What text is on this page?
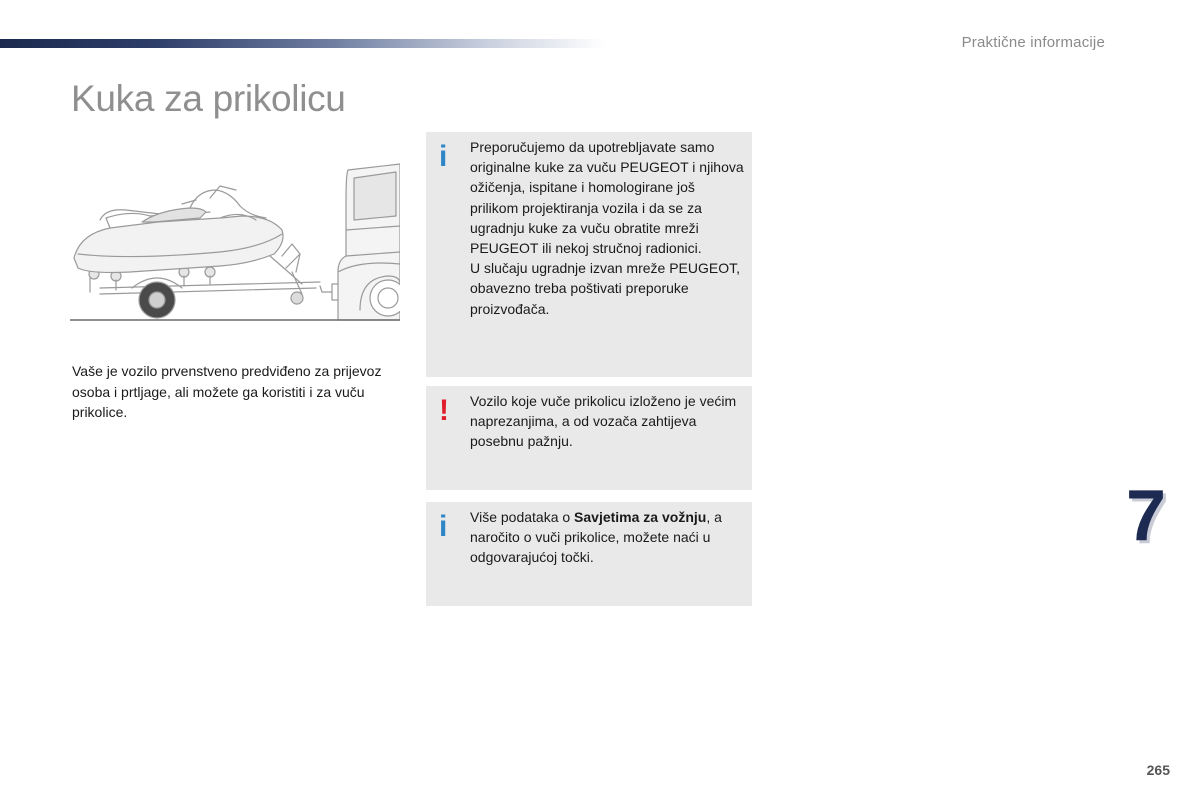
Praktične informacije
Kuka za prikolicu

Vaše je vozilo prvenstveno predviđeno za prijevoz osoba i prtljage, ali možete ga koristiti i za vuču prikolice.

i Preporučujemo da upotrebljavate samo originalne kuke za vuču PEUGEOT i njihova ožičenja, ispitane i homologirane još prilikom projektiranja vozila i da se za ugradnju kuke za vuču obratite mreži PEUGEOT ili nekoj stručnoj radionici.

U slučaju ugradnje izvan mreže PEUGEOT, obavezno treba poštivati preporuke proizvođača.

! Vozilo koje vuče prikolicu izloženo je većim naprezanjima, a od vozača zahtijeva posebnu pažnju.

i Više podataka o Savjetima za vožnju, a naročito o vuči prikolice, možete naći u odgovarajućoj točki.

7
265
